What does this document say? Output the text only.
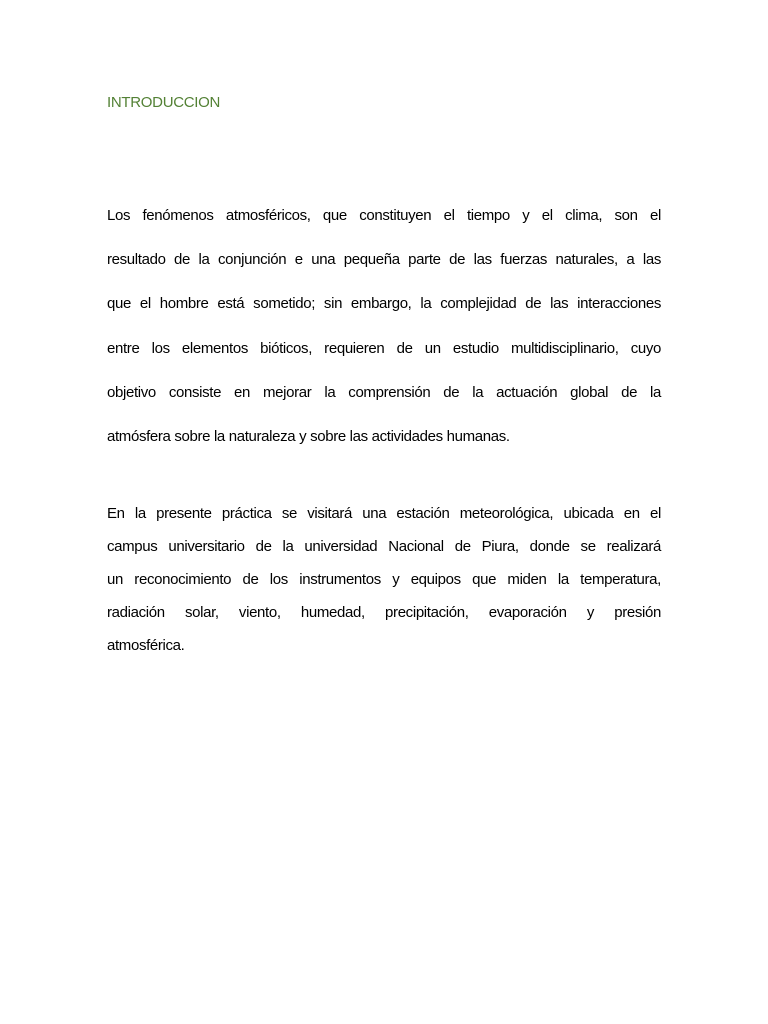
INTRODUCCION

Los fenómenos atmosféricos, que constituyen el tiempo y el clima, son el

resultado de la conjunción e una pequeña parte de las fuerzas naturales, a las

que el hombre está sometido; sin embargo, la complejidad de las interacciones

entre los elementos bióticos, requieren de un estudio multidisciplinario, cuyo

objetivo consiste en mejorar la comprensión de la actuación global de la

atmósfera sobre la naturaleza y sobre las actividades humanas.

En la presente práctica se visitará una estación meteorológica, ubicada en el

campus universitario de la universidad Nacional de Piura, donde se realizará

un reconocimiento de los instrumentos y equipos que miden la temperatura,

radiación solar, viento, humedad, precipitación, evaporación y presión

atmosférica.
